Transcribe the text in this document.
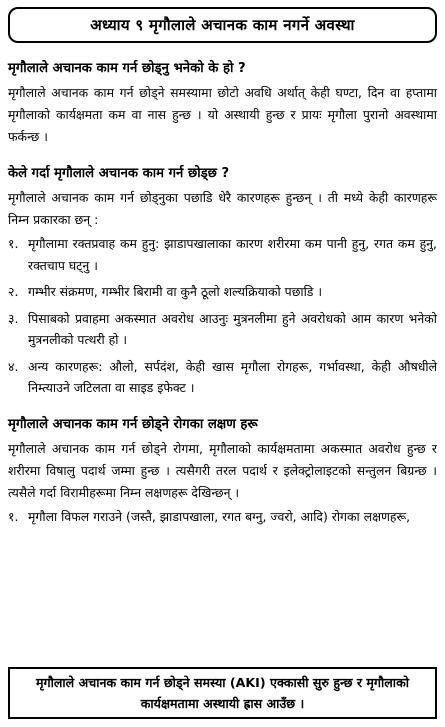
अध्याय ९ मृगौलाले अचानक काम नगर्ने अवस्था
मृगौलाले अचानक काम गर्न छोड्नु भनेको के हो ?

मृगौलाले अचानक काम गर्न छोड्ने समस्यामा छोटो अवधि अर्थात् केही घण्टा, दिन वा हप्तामा मृगौलाको कार्यक्षमता कम वा नास हुन्छ । यो अस्थायी हुन्छ र प्रायः मृगौला पुरानो अवस्थामा फर्कन्छ ।

केले गर्दा मृगौलाले अचानक काम गर्न छोड्छ ?

मृगौलाले अचानक काम गर्न छोड्नुका पछाडि धेरै कारणहरू हुन्छन् । ती मध्ये केही कारणहरू निम्न प्रकारका छन् :

१. मृगौलामा रक्तप्रवाह कम हुनु: झाडापखालाका कारण शरीरमा कम पानी हुनु, रगत कम हुनु, रक्तचाप घट्नु ।
२. गम्भीर संक्रमण, गम्भीर बिरामी वा कुनै ठूलो शल्यक्रियाको पछाडि ।
३. पिसाबको प्रवाहमा अकस्मात अवरोध आउनुः मुत्रनलीमा हुने अवरोधको आम कारण भनेको मुत्रनलीको पत्थरी हो ।
४. अन्य कारणहरू: औलो, सर्पदंश, केही खास मृगौला रोगहरू, गर्भावस्था, केही औषधीले निम्त्याउने जटिलता वा साइड इफेक्ट ।
मृगौलाले अचानक काम गर्न छोड्ने रोगका लक्षण हरू

मृगौलाले अचानक काम गर्न छोड्ने रोगमा, मृगौलाको कार्यक्षमतामा अकस्मात अवरोध हुन्छ र शरीरमा विषालु पदार्थ जम्मा हुन्छ । त्यसैगरी तरल पदार्थ र इलेक्ट्रोलाइटको सन्तुलन बिग्रन्छ । त्यसैले गर्दा विरामीहरूमा निम्न लक्षणहरू देखिन्छन् ।

१. मृगौला विफल गराउने (जस्तै, झाडापखाला, रगत बग्नु, ज्वरो, आदि) रोगका लक्षणहरू,
मृगौलाले अचानक काम गर्न छोड्ने समस्या (AKI) एक्कासी सुरु हुन्छ र मृगौलाको कार्यक्षमतामा अस्थायी ह्रास आउँछ ।
